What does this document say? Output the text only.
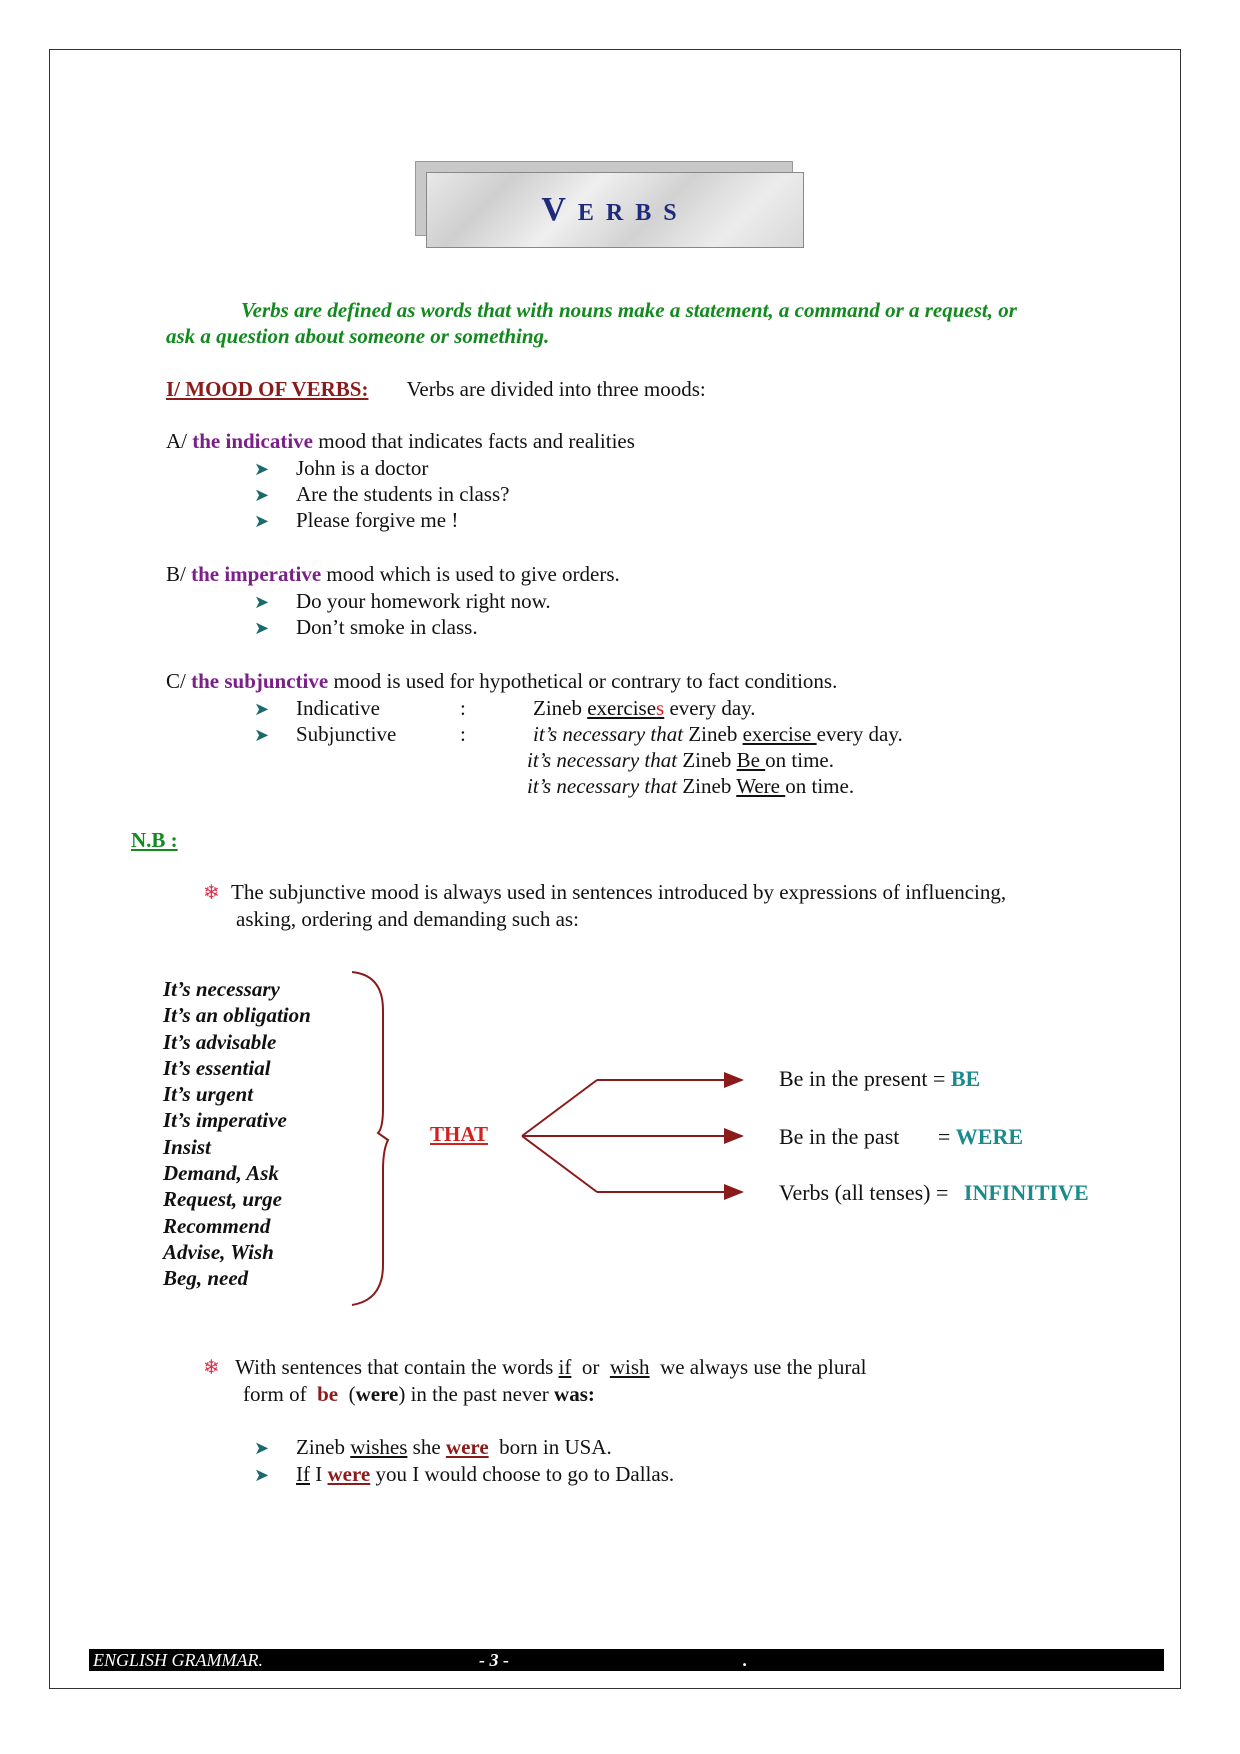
VERBS
Verbs are defined as words that with nouns make a statement, a command or a request, or
ask a question about someone or something.
I/ MOOD OF VERBS: Verbs are divided into three moods:
A/ the indicative mood that indicates facts and realities
➤ John is a doctor
➤ Are the students in class?
➤ Please forgive me !
B/ the imperative mood which is used to give orders.
➤ Do your homework right now.
➤ Don’t smoke in class.
C/ the subjunctive mood is used for hypothetical or contrary to fact conditions.
➤ Indicative	:	Zineb exercises every day.
➤ Subjunctive	:	it’s necessary that Zineb exercise every day.
it’s necessary that Zineb Be on time.
it’s necessary that Zineb Were on time.
N.B :
❄ The subjunctive mood is always used in sentences introduced by expressions of influencing,
asking, ordering and demanding such as:
It’s necessary
It’s an obligation
It’s advisable
It’s essential
It’s urgent
It’s imperative
Insist
Demand, Ask
Request, urge
Recommend
Advise, Wish
Beg, need
THAT
Be in the present = BE
Be in the past       = WERE
Verbs (all tenses) = INFINITIVE
❄ With sentences that contain the words if  or  wish  we always use the plural
form of  be  (were) in the past never was:
➤ Zineb wishes she were  born in USA.
➤ If I were you I would choose to go to Dallas.
ENGLISH GRAMMAR.	- 3 -	.
